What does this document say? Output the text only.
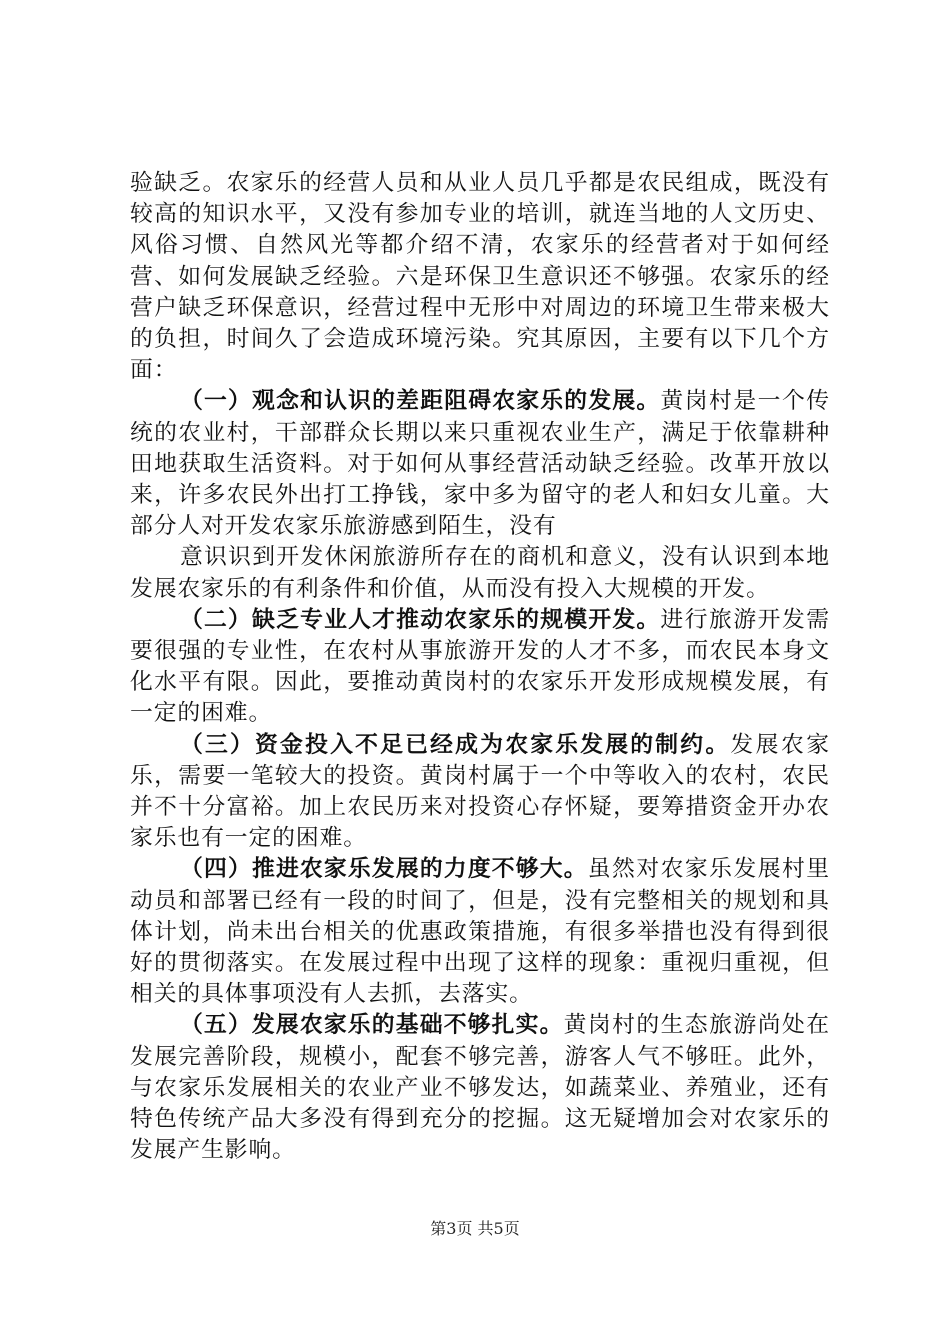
验缺乏。农家乐的经营人员和从业人员几乎都是农民组成，既没有较高的知识水平，又没有参加专业的培训，就连当地的人文历史、风俗习惯、自然风光等都介绍不清，农家乐的经营者对于如何经营、如何发展缺乏经验。六是环保卫生意识还不够强。农家乐的经营户缺乏环保意识，经营过程中无形中对周边的环境卫生带来极大的负担，时间久了会造成环境污染。究其原因，主要有以下几个方面：

（一）观念和认识的差距阻碍农家乐的发展。黄岗村是一个传统的农业村，干部群众长期以来只重视农业生产，满足于依靠耕种田地获取生活资料。对于如何从事经营活动缺乏经验。改革开放以来，许多农民外出打工挣钱，家中多为留守的老人和妇女儿童。大部分人对开发农家乐旅游感到陌生，没有

意识识到开发休闲旅游所存在的商机和意义，没有认识到本地发展农家乐的有利条件和价值，从而没有投入大规模的开发。

（二）缺乏专业人才推动农家乐的规模开发。进行旅游开发需要很强的专业性，在农村从事旅游开发的人才不多，而农民本身文化水平有限。因此，要推动黄岗村的农家乐开发形成规模发展，有一定的困难。

（三）资金投入不足已经成为农家乐发展的制约。发展农家乐，需要一笔较大的投资。黄岗村属于一个中等收入的农村，农民并不十分富裕。加上农民历来对投资心存怀疑，要筹措资金开办农家乐也有一定的困难。

（四）推进农家乐发展的力度不够大。虽然对农家乐发展村里动员和部署已经有一段的时间了，但是，没有完整相关的规划和具体计划，尚未出台相关的优惠政策措施，有很多举措也没有得到很好的贯彻落实。在发展过程中出现了这样的现象：重视归重视，但相关的具体事项没有人去抓，去落实。

（五）发展农家乐的基础不够扎实。黄岗村的生态旅游尚处在发展完善阶段，规模小，配套不够完善，游客人气不够旺。此外，与农家乐发展相关的农业产业不够发达，如蔬菜业、养殖业，还有特色传统产品大多没有得到充分的挖掘。这无疑增加会对农家乐的发展产生影响。

第3页 共5页
